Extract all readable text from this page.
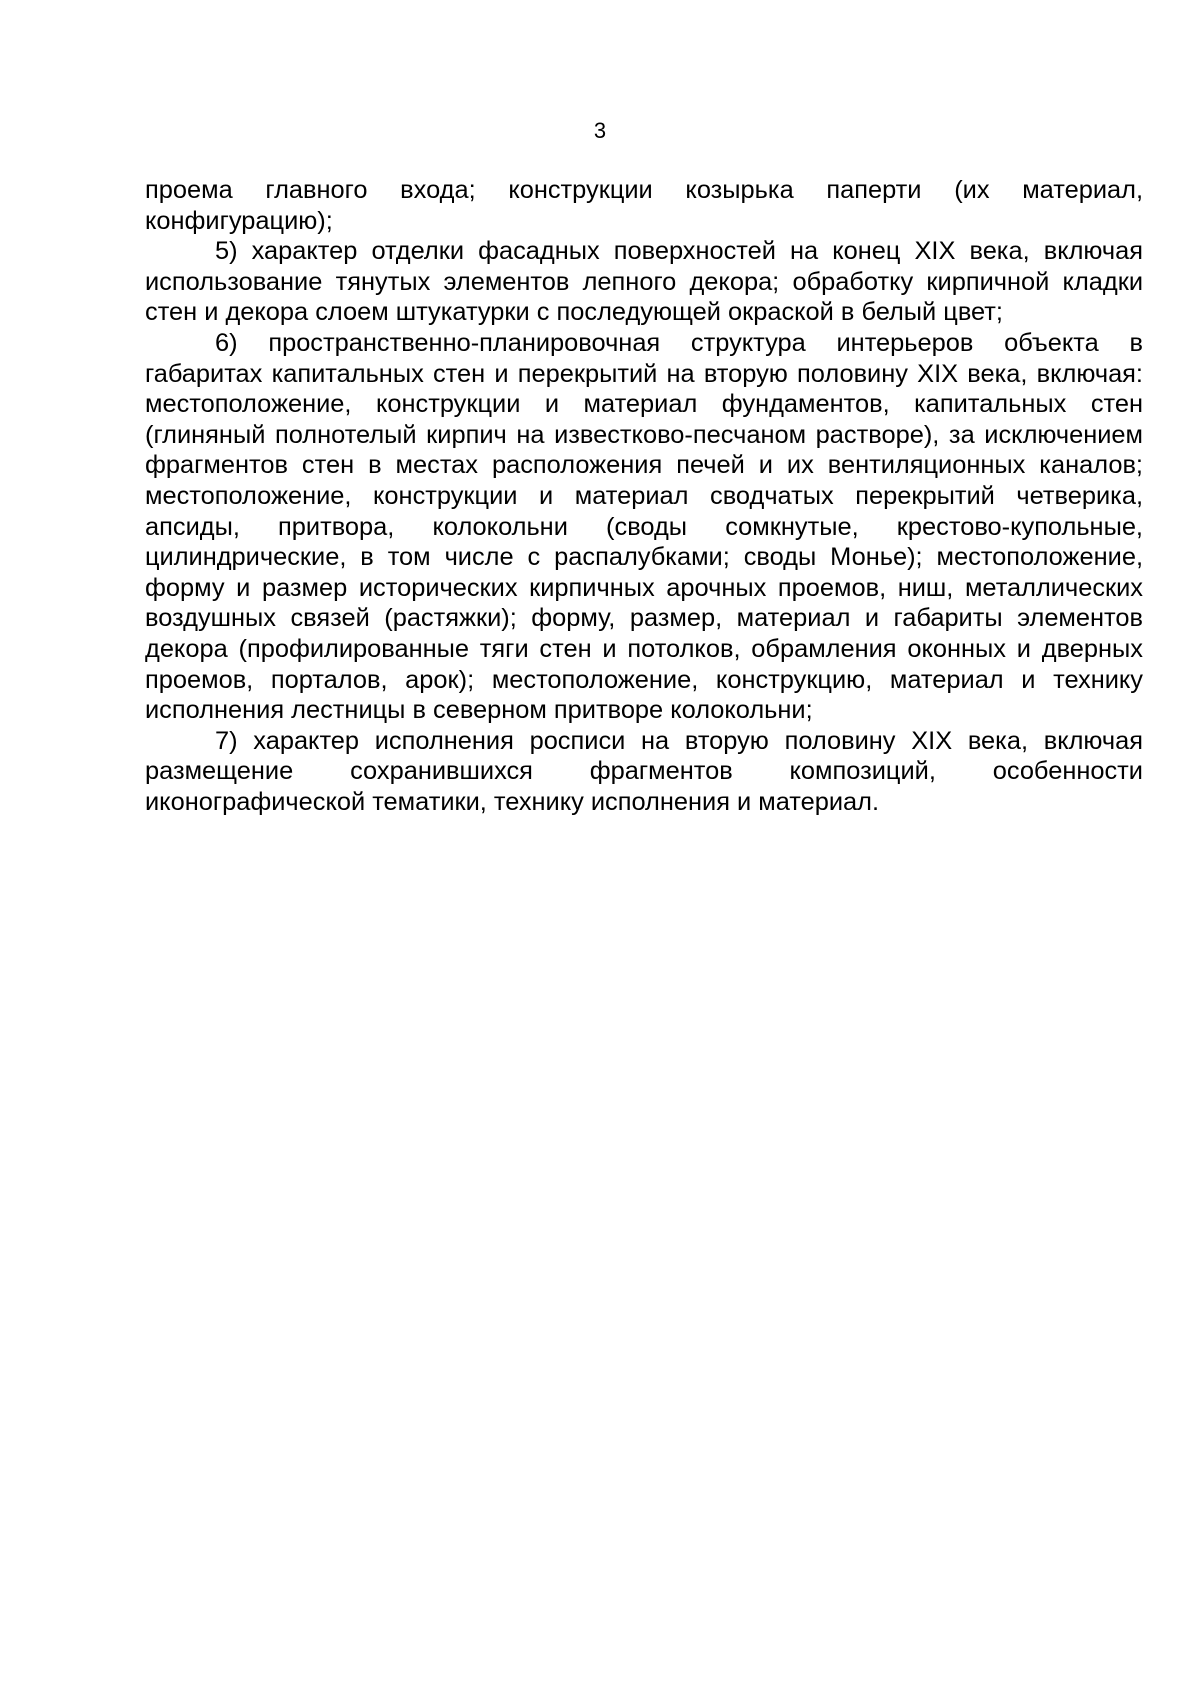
3

проема главного входа; конструкции козырька паперти (их материал, конфигурацию);

5) характер отделки фасадных поверхностей на конец XIX века, включая использование тянутых элементов лепного декора; обработку кирпичной кладки стен и декора слоем штукатурки с последующей окраской в белый цвет;

6) пространственно-планировочная структура интерьеров объекта в габаритах капитальных стен и перекрытий на вторую половину XIX века, включая: местоположение, конструкции и материал фундаментов, капитальных стен (глиняный полнотелый кирпич на известково-песчаном растворе), за исключением фрагментов стен в местах расположения печей и их вентиляционных каналов; местоположение, конструкции и материал сводчатых перекрытий четверика, апсиды, притвора, колокольни (своды сомкнутые, крестово-купольные, цилиндрические, в том числе с распалубками; своды Монье); местоположение, форму и размер исторических кирпичных арочных проемов, ниш, металлических воздушных связей (растяжки); форму, размер, материал и габариты элементов декора (профилированные тяги стен и потолков, обрамления оконных и дверных проемов, порталов, арок); местоположение, конструкцию, материал и технику исполнения лестницы в северном притворе колокольни;

7) характер исполнения росписи на вторую половину XIX века, включая размещение сохранившихся фрагментов композиций, особенности иконографической тематики, технику исполнения и материал.
